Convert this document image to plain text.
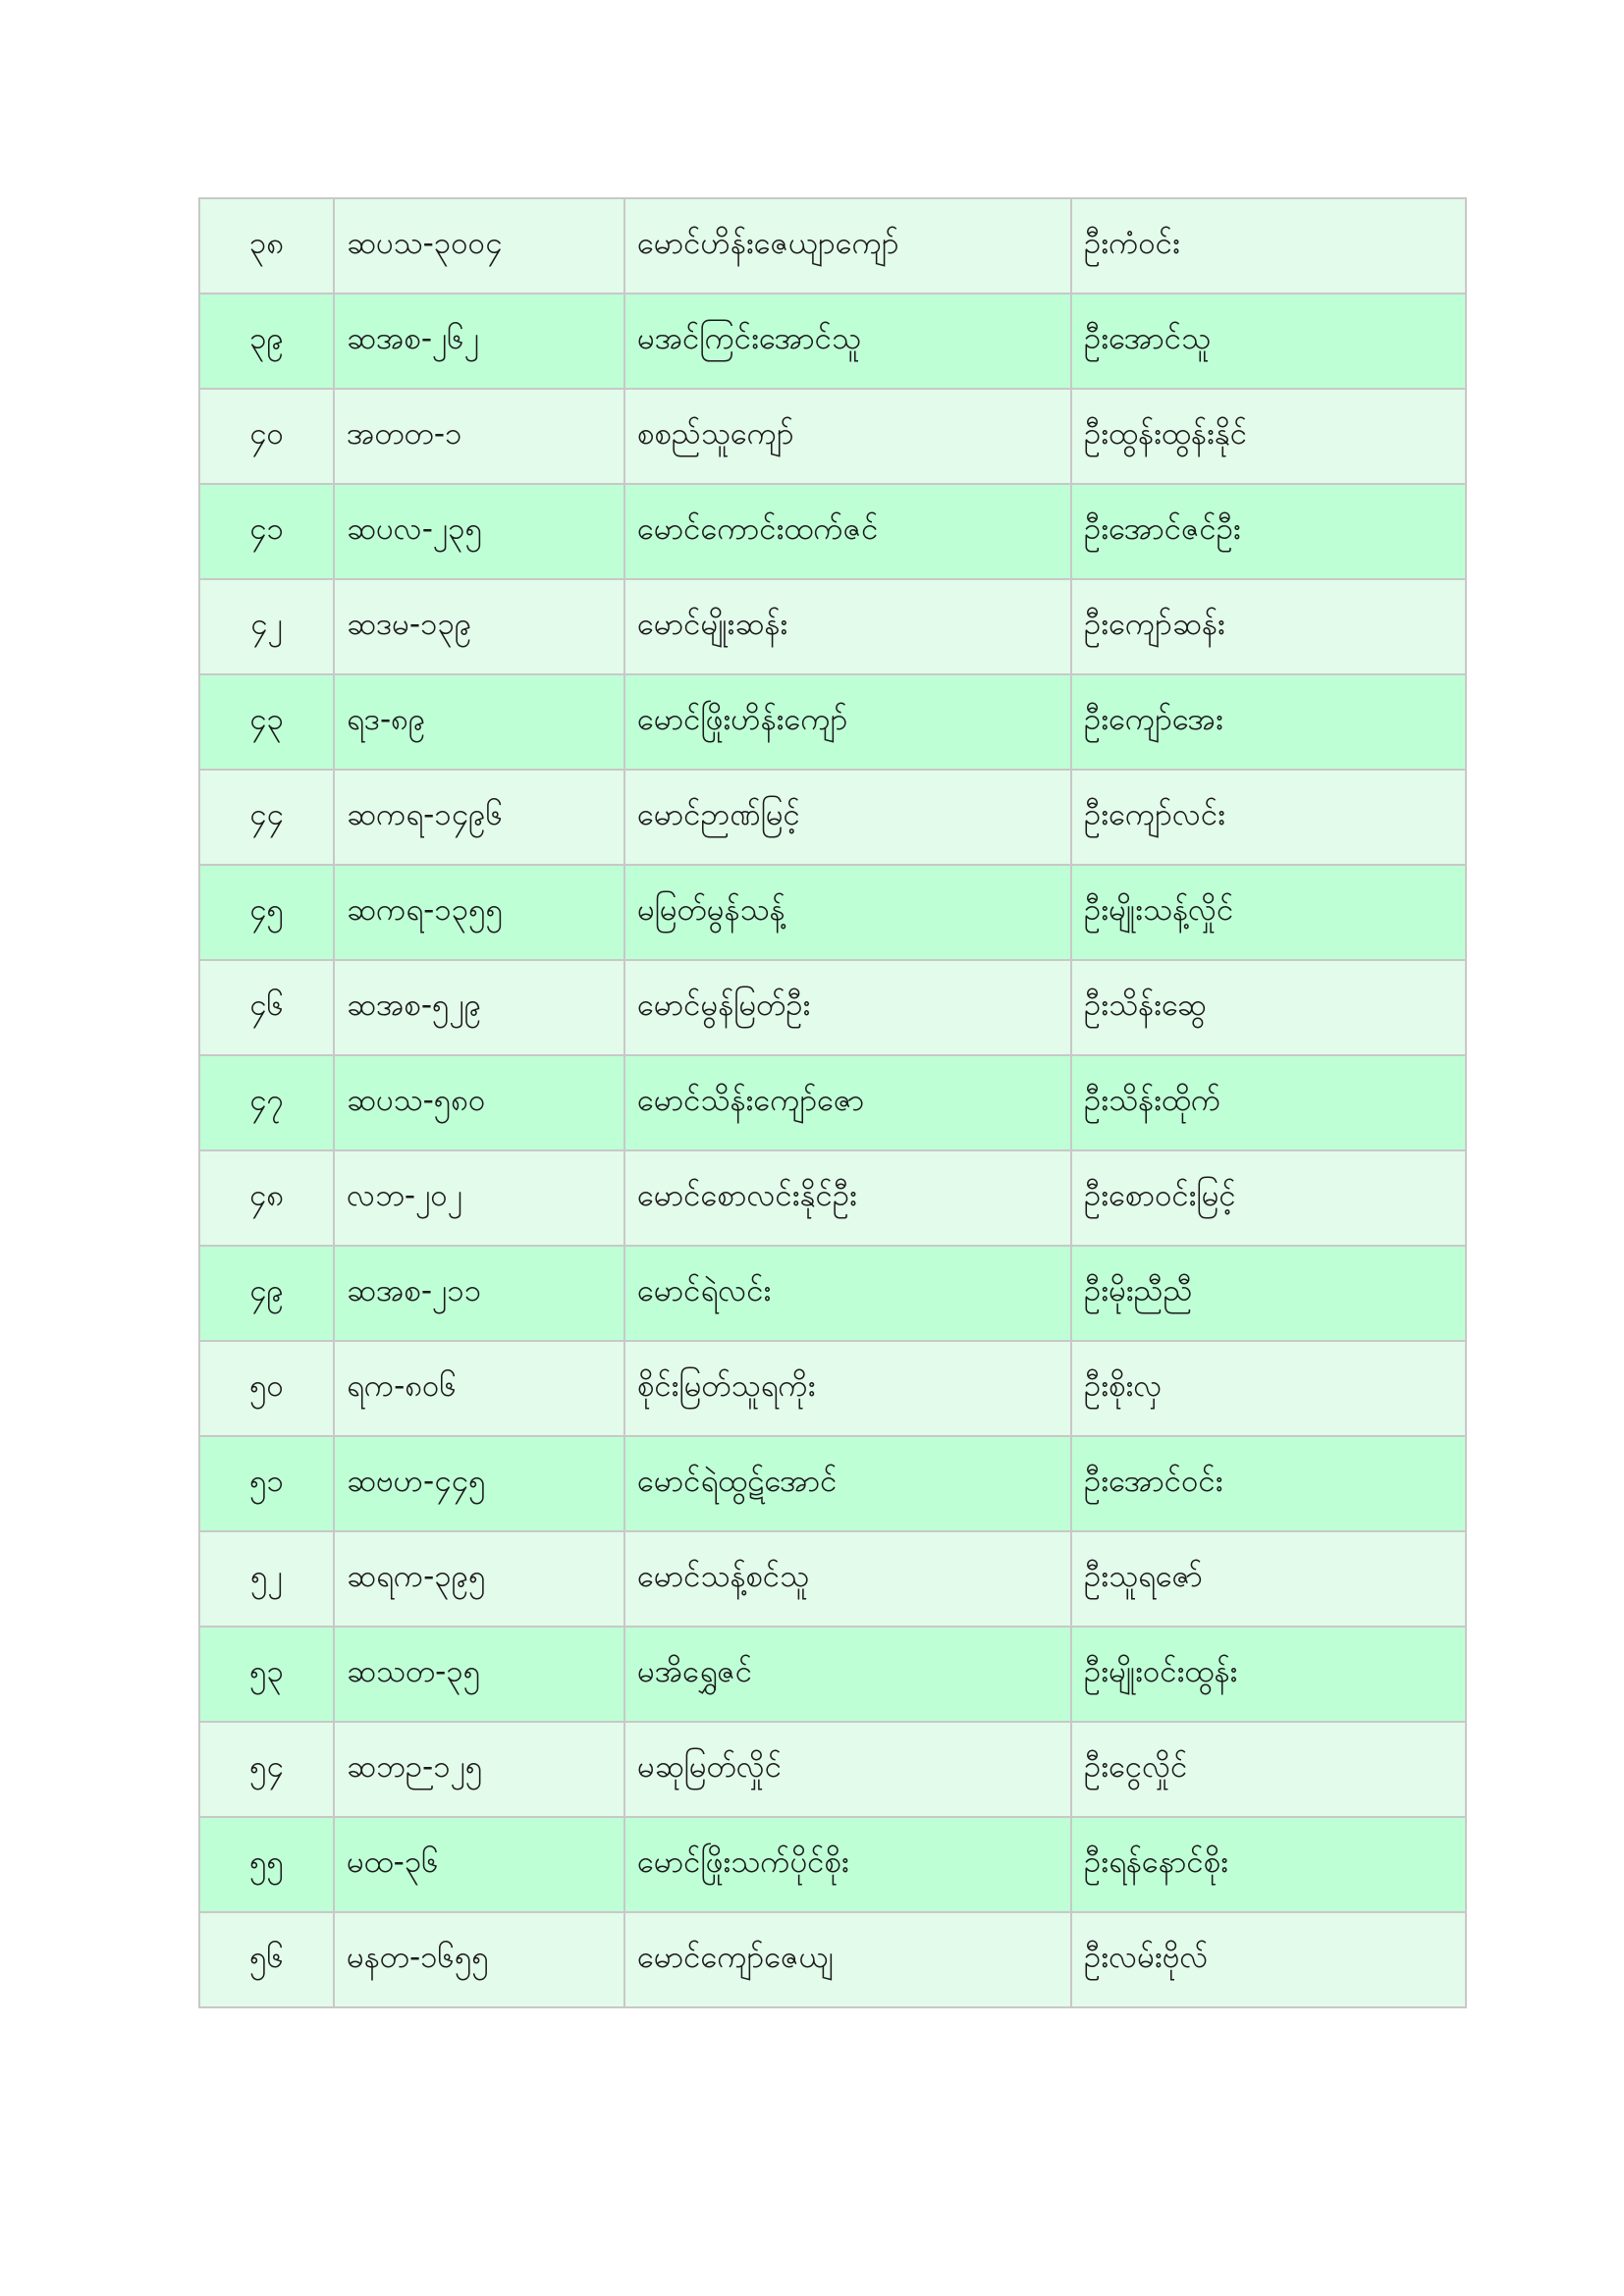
၃၈	ဆပသ-၃၀၀၄	မောင်ဟိန်းဇေယျာကျော်	ဦးကံဝင်း
၃၉	ဆအစ-၂၆၂	မအင်ကြင်းအောင်သူ	ဦးအောင်သူ
၄၀	အတတ-၁	စစည်သူကျော်	ဦးထွန်းထွန်းနိုင်
၄၁	ဆပလ-၂၃၅	မောင်ကောင်းထက်ဇင်	ဦးအောင်ဇင်ဦး
၄၂	ဆဒမ-၁၃၉	မောင်မျိုးဆန်း	ဦးကျော်ဆန်း
၄၃	ရဒ-၈၉	မောင်ဖြိုးဟိန်းကျော်	ဦးကျော်အေး
၄၄	ဆကရ-၁၄၉၆	မောင်ဉာဏ်မြင့်	ဦးကျော်လင်း
၄၅	ဆကရ-၁၃၅၅	မမြတ်မွန်သန့်	ဦးမျိုးသန့်လှိုင်
၄၆	ဆအစ-၅၂၉	မောင်မွန်မြတ်ဦး	ဦးသိန်းဆွေ
၄၇	ဆပသ-၅၈၀	မောင်သိန်းကျော်ဇော	ဦးသိန်းထိုက်
၄၈	လဘ-၂၀၂	မောင်စောလင်းနိုင်ဦး	ဦးစောဝင်းမြင့်
၄၉	ဆအစ-၂၁၁	မောင်ရဲလင်း	ဦးမိုးညီညီ
၅၀	ရက-၈၀၆	စိုင်းမြတ်သူရကိုး	ဦးစိုးလှ
၅၁	ဆဗဟ-၄၄၅	မောင်ရဲထွဋ်အောင်	ဦးအောင်ဝင်း
၅၂	ဆရက-၃၉၅	မောင်သန့်စင်သူ	ဦးသူရဇော်
၅၃	ဆသတ-၃၅	မအိရွှေဇင်	ဦးမျိုးဝင်းထွန်း
၅၄	ဆဘဉ-၁၂၅	မဆုမြတ်လှိုင်	ဦးငွေလှိုင်
၅၅	မထ-၃၆	မောင်ဖြိုးသက်ပိုင်စိုး	ဦးရန်နောင်စိုး
၅၆	မနတ-၁၆၅၅	မောင်ကျော်ဇေယျ	ဦးလမ်းဗိုလ်
